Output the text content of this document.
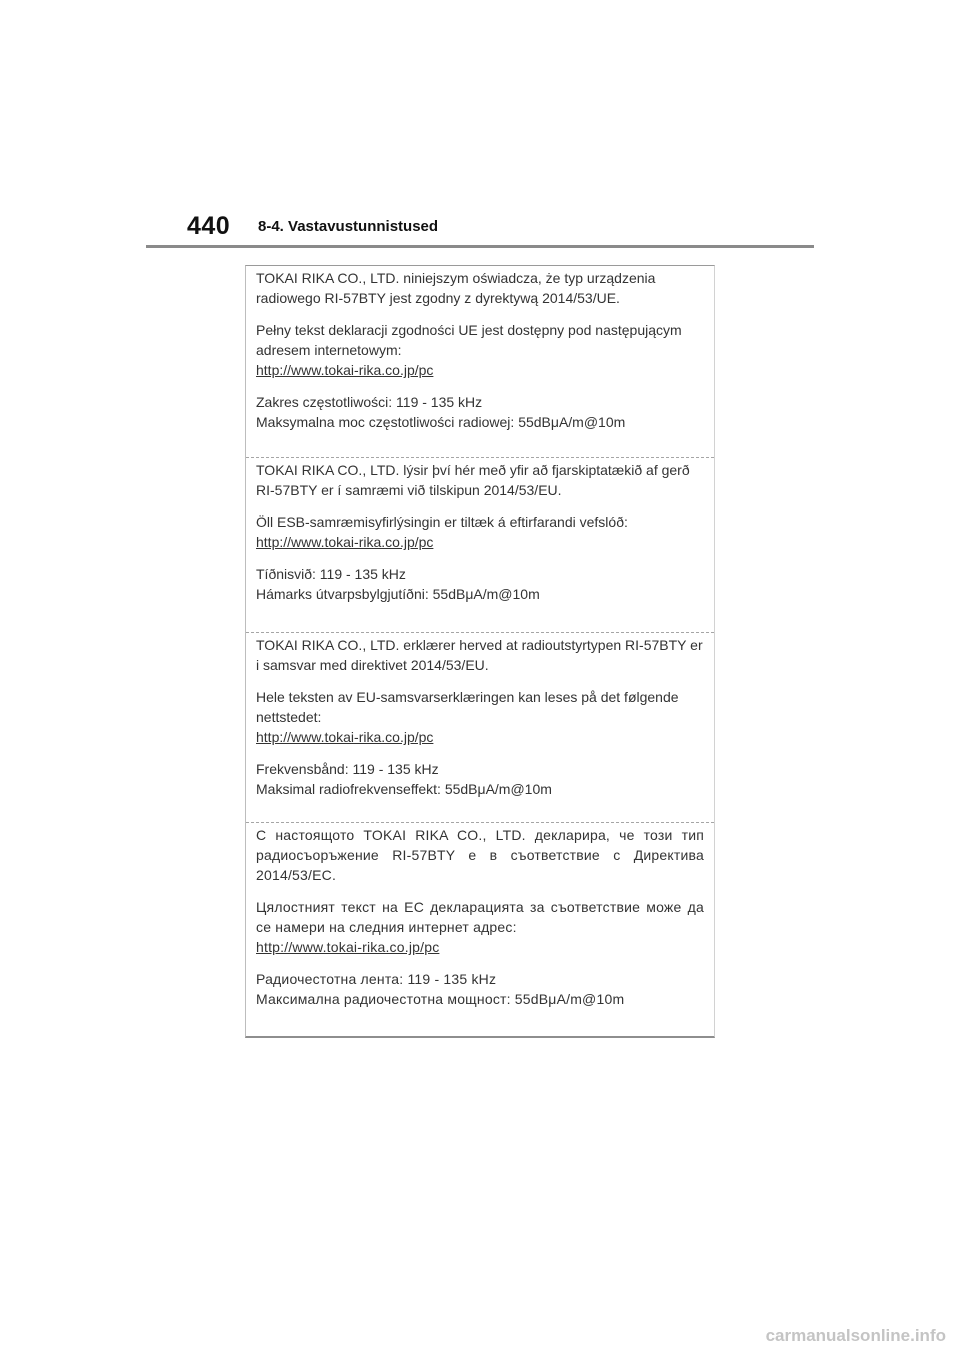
440 8-4. Vastavustunnistused

TOKAI RIKA CO., LTD. niniejszym oświadcza, że typ urządzenia radiowego RI-57BTY jest zgodny z dyrektywą 2014/53/UE.

Pełny tekst deklaracji zgodności UE jest dostępny pod następującym adresem internetowym:

http://www.tokai-rika.co.jp/pc

Zakres częstotliwości: 119 - 135 kHz

Maksymalna moc częstotliwości radiowej: 55dBμA/m@10m

TOKAI RIKA CO., LTD. lýsir því hér með yfir að fjarskiptatækið af gerð RI-57BTY er í samræmi við tilskipun 2014/53/EU.

Öll ESB-samræmisyfirlýsingin er tiltæk á eftirfarandi vefslóð:

http://www.tokai-rika.co.jp/pc

Tíðnisvið: 119 - 135 kHz

Hámarks útvarpsbylgjutíðni: 55dBμA/m@10m

TOKAI RIKA CO., LTD. erklærer herved at radioutstyrtypen RI-57BTY er i samsvar med direktivet 2014/53/EU.

Hele teksten av EU-samsvarserklæringen kan leses på det følgende nettstedet:

http://www.tokai-rika.co.jp/pc

Frekvensbånd: 119 - 135 kHz

Maksimal radiofrekvenseffekt: 55dBμA/m@10m

С настоящото TOKAI RIKA CO., LTD. декларира, че този тип радиосъоръжение RI-57BTY е в съответствие с Директива 2014/53/ЕС.

Цялостният текст на ЕС декларацията за съответствие може да се намери на следния интернет адрес:

http://www.tokai-rika.co.jp/pc

Радиочестотна лента: 119 - 135 kHz

Максимална радиочестотна мощност: 55dBμA/m@10m

carmanualsonline.info
